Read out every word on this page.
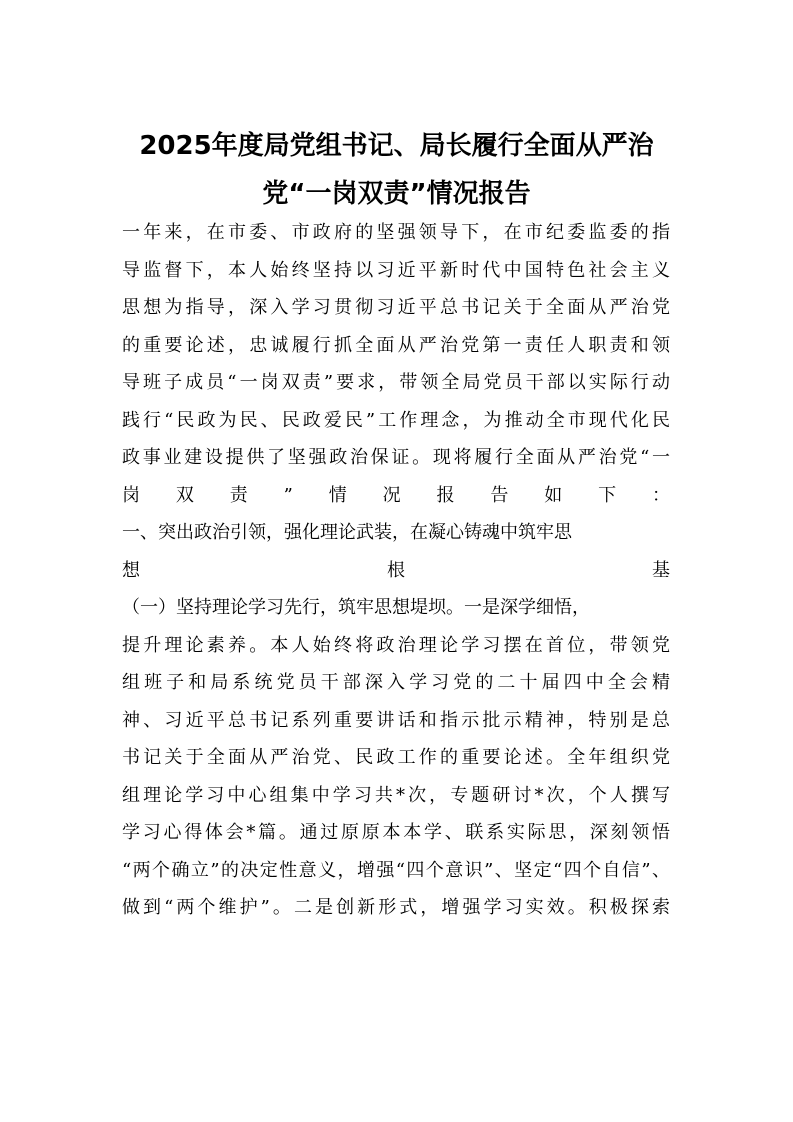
2025年度局党组书记、局长履行全面从严治
党“一岗双责”情况报告
一年来，在市委、市政府的坚强领导下，在市纪委监委的指
导监督下，本人始终坚持以习近平新时代中国特色社会主义
思想为指导，深入学习贯彻习近平总书记关于全面从严治党
的重要论述，忠诚履行抓全面从严治党第一责任人职责和领
导班子成员“一岗双责”要求，带领全局党员干部以实际行动
践行“民政为民、民政爱民”工作理念，为推动全市现代化民
政事业建设提供了坚强政治保证。现将履行全面从严治党“一
岗双责”情况报告如下：
一、突出政治引领，强化理论武装，在凝心铸魂中筑牢思
想根基
（一）坚持理论学习先行，筑牢思想堤坝。一是深学细悟，
提升理论素养。本人始终将政治理论学习摆在首位，带领党
组班子和局系统党员干部深入学习党的二十届四中全会精
神、习近平总书记系列重要讲话和指示批示精神，特别是总
书记关于全面从严治党、民政工作的重要论述。全年组织党
组理论学习中心组集中学习共*次，专题研讨*次，个人撰写
学习心得体会*篇。通过原原本本学、联系实际思，深刻领悟
“两个确立”的决定性意义，增强“四个意识”、坚定“四个自信”、
做到“两个维护”。二是创新形式，增强学习实效。积极探索
